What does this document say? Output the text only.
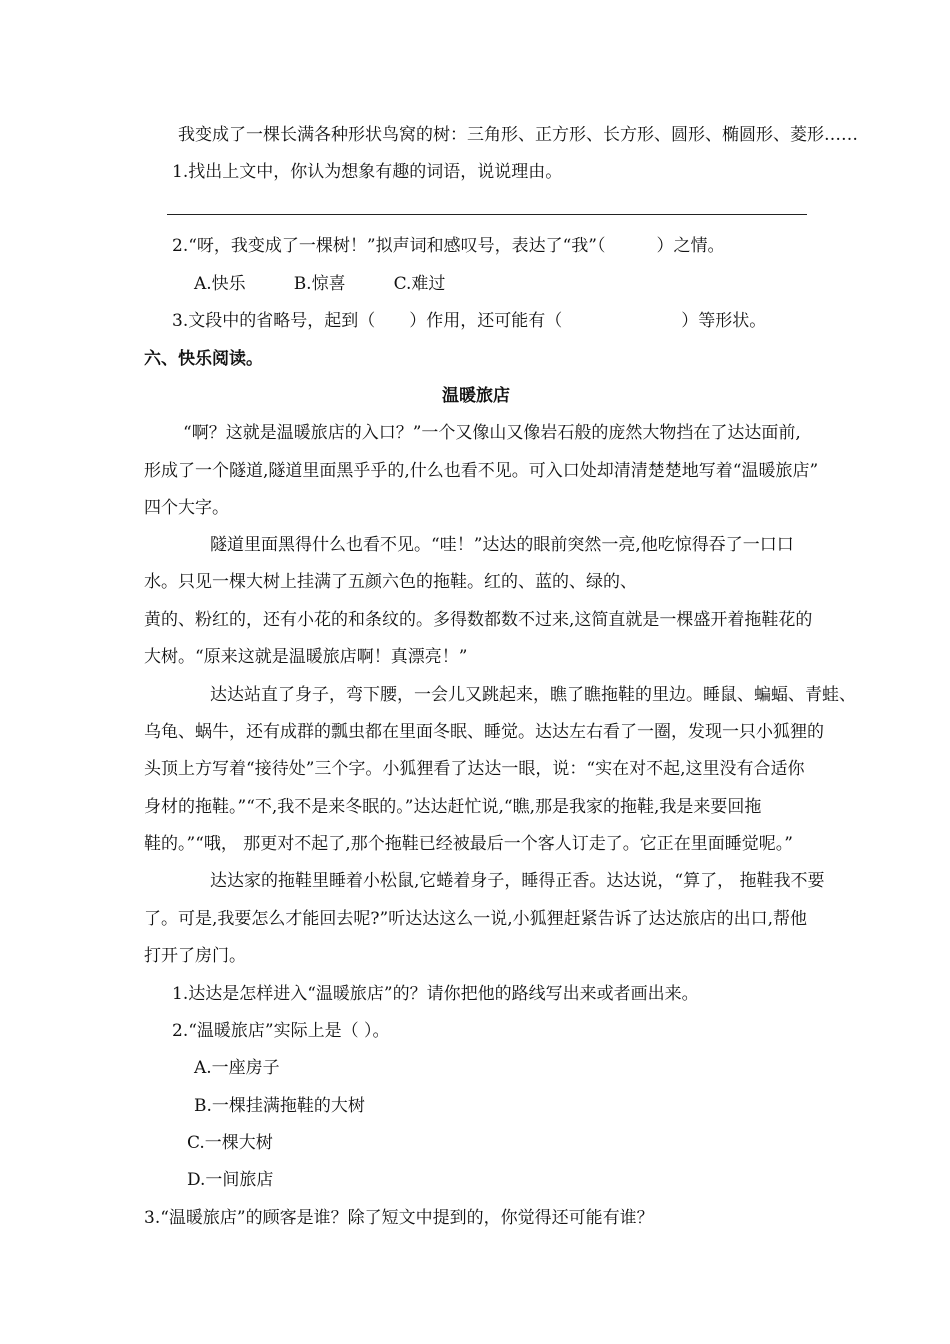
我变成了一棵长满各种形状鸟窝的树：三角形、正方形、长方形、圆形、椭圆形、菱形……
1.找出上文中，你认为想象有趣的词语，说说理由。
2.“呀，我变成了一棵树！”拟声词和感叹号，表达了“我”（　　　）之情。
A.快乐	B.惊喜	C.难过
3.文段中的省略号，起到（　　）作用，还可能有（　　　　　　　）等形状。
六、快乐阅读。
温暖旅店
“啊？这就是温暖旅店的入口？”一个又像山又像岩石般的庞然大物挡在了达达面前,
形成了一个隧道,隧道里面黑乎乎的,什么也看不见。可入口处却清清楚楚地写着“温暖旅店”
四个大字。
隧道里面黑得什么也看不见。“哇！”达达的眼前突然一亮,他吃惊得吞了一口口
水。只见一棵大树上挂满了五颜六色的拖鞋。红的、蓝的、绿的、
黄的、粉红的，还有小花的和条纹的。多得数都数不过来,这简直就是一棵盛开着拖鞋花的
大树。“原来这就是温暖旅店啊！真漂亮！”
达达站直了身子，弯下腰，一会儿又跳起来，瞧了瞧拖鞋的里边。睡鼠、蝙蝠、青蛙、
乌龟、蜗牛，还有成群的瓢虫都在里面冬眠、睡觉。达达左右看了一圈，发现一只小狐狸的
头顶上方写着“接待处”三个字。小狐狸看了达达一眼，说：“实在对不起,这里没有合适你
身材的拖鞋。”“不,我不是来冬眠的。”达达赶忙说,“瞧,那是我家的拖鞋,我是来要回拖
鞋的。”“哦， 那更对不起了,那个拖鞋已经被最后一个客人订走了。它正在里面睡觉呢。”
达达家的拖鞋里睡着小松鼠,它蜷着身子，睡得正香。达达说，“算了， 拖鞋我不要
了。可是,我要怎么才能回去呢?”听达达这么一说,小狐狸赶紧告诉了达达旅店的出口,帮他
打开了房门。
1.达达是怎样进入“温暖旅店”的？请你把他的路线写出来或者画出来。
2.“温暖旅店”实际上是（ ）。
A.一座房子
B.一棵挂满拖鞋的大树
C.一棵大树
D.一间旅店
3.“温暖旅店”的顾客是谁？除了短文中提到的，你觉得还可能有谁？
